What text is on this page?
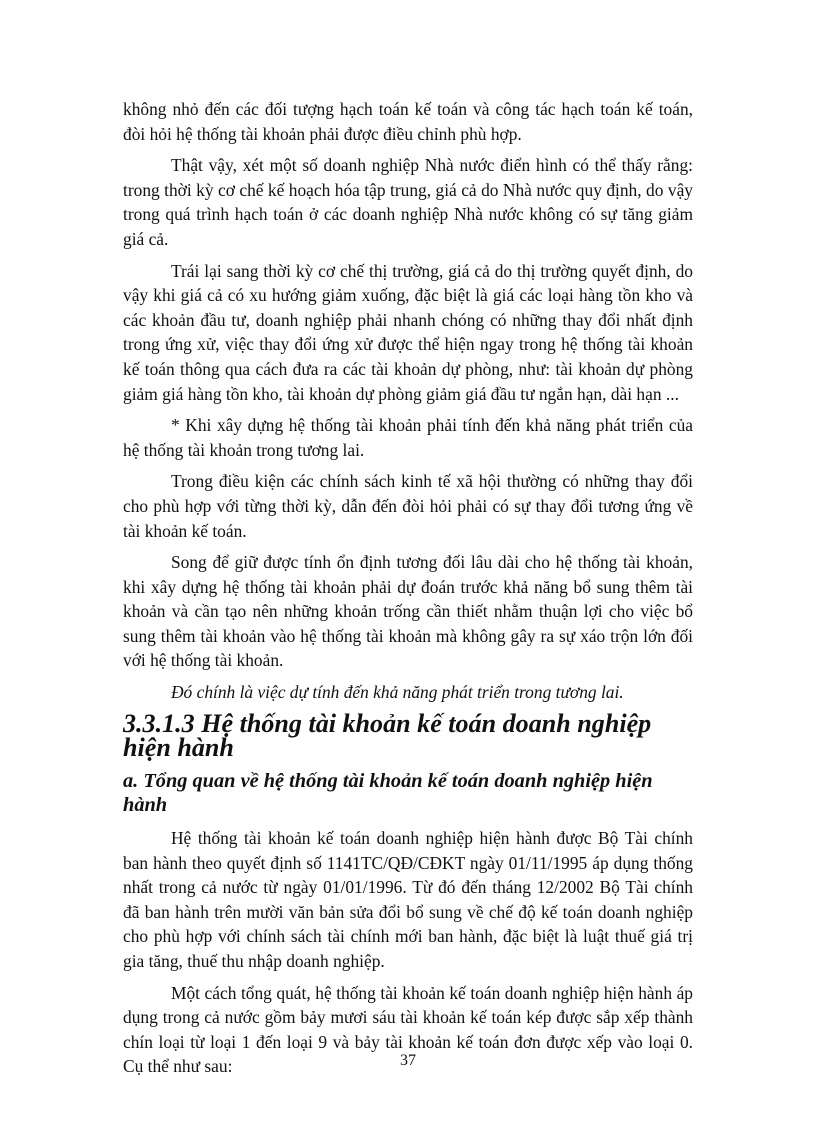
không nhỏ đến các đối tượng hạch toán kế toán và công tác hạch toán kế toán, đòi hỏi hệ thống tài khoản phải được điều chỉnh phù hợp.

Thật vậy, xét một số doanh nghiệp Nhà nước điển hình có thể thấy rằng: trong thời kỳ cơ chế kế hoạch hóa tập trung, giá cả do Nhà nước quy định, do vậy trong quá trình hạch toán ở các doanh nghiệp Nhà nước không có sự tăng giảm giá cả.

Trái lại sang thời kỳ cơ chế thị trường, giá cả do thị trường quyết định, do vậy khi giá cả có xu hướng giảm xuống, đặc biệt là giá các loại hàng tồn kho và các khoản đầu tư, doanh nghiệp phải nhanh chóng có những thay đổi nhất định trong ứng xử, việc thay đổi ứng xử được thể hiện ngay trong hệ thống tài khoản kế toán thông qua cách đưa ra các tài khoản dự phòng, như: tài khoản dự phòng giảm giá hàng tồn kho, tài khoản dự phòng giảm giá đầu tư ngắn hạn, dài hạn ...

* Khi xây dựng hệ thống tài khoản phải tính đến khả năng phát triển của hệ thống tài khoản trong tương lai.

Trong điều kiện các chính sách kinh tế xã hội thường có những thay đổi cho phù hợp với từng thời kỳ, dẫn đến đòi hỏi phải có sự thay đổi tương ứng về tài khoản kế toán.

Song để giữ được tính ổn định tương đối lâu dài cho hệ thống tài khoản, khi xây dựng hệ thống tài khoản phải dự đoán trước khả năng bổ sung thêm tài khoản và cần tạo nên những khoản trống cần thiết nhằm thuận lợi cho việc bổ sung thêm tài khoản vào hệ thống tài khoản mà không gây ra sự xáo trộn lớn đối với hệ thống tài khoản.

Đó chính là việc dự tính đến khả năng phát triển trong tương lai.

3.3.1.3 Hệ thống tài khoản kế toán doanh nghiệp hiện hành
a. Tổng quan về hệ thống tài khoản kế toán doanh nghiệp hiện hành

Hệ thống tài khoản kế toán doanh nghiệp hiện hành được Bộ Tài chính ban hành theo quyết định số 1141TC/QĐ/CĐKT ngày 01/11/1995 áp dụng thống nhất trong cả nước từ ngày 01/01/1996. Từ đó đến tháng 12/2002 Bộ Tài chính đã ban hành trên mười văn bản sửa đổi bổ sung về chế độ kế toán doanh nghiệp cho phù hợp với chính sách tài chính mới ban hành, đặc biệt là luật thuế giá trị gia tăng, thuế thu nhập doanh nghiệp.

Một cách tổng quát, hệ thống tài khoản kế toán doanh nghiệp hiện hành áp dụng trong cả nước gồm bảy mươi sáu tài khoản kế toán kép được sắp xếp thành chín loại từ loại 1 đến loại 9 và bảy tài khoản kế toán đơn được xếp vào loại 0. Cụ thể như sau:	37
